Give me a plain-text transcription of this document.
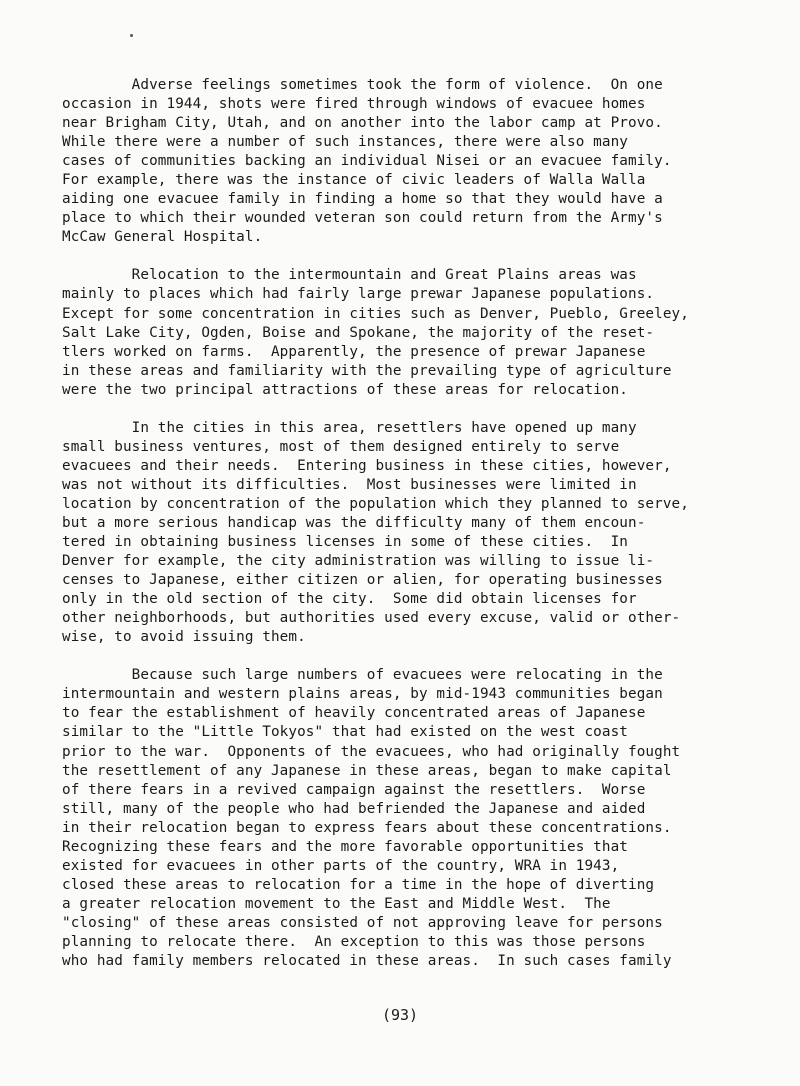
Adverse feelings sometimes took the form of violence.  On one
occasion in 1944, shots were fired through windows of evacuee homes
near Brigham City, Utah, and on another into the labor camp at Provo.
While there were a number of such instances, there were also many
cases of communities backing an individual Nisei or an evacuee family.
For example, there was the instance of civic leaders of Walla Walla
aiding one evacuee family in finding a home so that they would have a
place to which their wounded veteran son could return from the Army's
McCaw General Hospital.
Relocation to the intermountain and Great Plains areas was
mainly to places which had fairly large prewar Japanese populations.
Except for some concentration in cities such as Denver, Pueblo, Greeley,
Salt Lake City, Ogden, Boise and Spokane, the majority of the reset-
tlers worked on farms.  Apparently, the presence of prewar Japanese
in these areas and familiarity with the prevailing type of agriculture
were the two principal attractions of these areas for relocation.
In the cities in this area, resettlers have opened up many
small business ventures, most of them designed entirely to serve
evacuees and their needs.  Entering business in these cities, however,
was not without its difficulties.  Most businesses were limited in
location by concentration of the population which they planned to serve,
but a more serious handicap was the difficulty many of them encoun-
tered in obtaining business licenses in some of these cities.  In
Denver for example, the city administration was willing to issue li-
censes to Japanese, either citizen or alien, for operating businesses
only in the old section of the city.  Some did obtain licenses for
other neighborhoods, but authorities used every excuse, valid or other-
wise, to avoid issuing them.
Because such large numbers of evacuees were relocating in the
intermountain and western plains areas, by mid-1943 communities began
to fear the establishment of heavily concentrated areas of Japanese
similar to the "Little Tokyos" that had existed on the west coast
prior to the war.  Opponents of the evacuees, who had originally fought
the resettlement of any Japanese in these areas, began to make capital
of there fears in a revived campaign against the resettlers.  Worse
still, many of the people who had befriended the Japanese and aided
in their relocation began to express fears about these concentrations.
Recognizing these fears and the more favorable opportunities that
existed for evacuees in other parts of the country, WRA in 1943,
closed these areas to relocation for a time in the hope of diverting
a greater relocation movement to the East and Middle West.  The
"closing" of these areas consisted of not approving leave for persons
planning to relocate there.  An exception to this was those persons
who had family members relocated in these areas.  In such cases family
(93)
